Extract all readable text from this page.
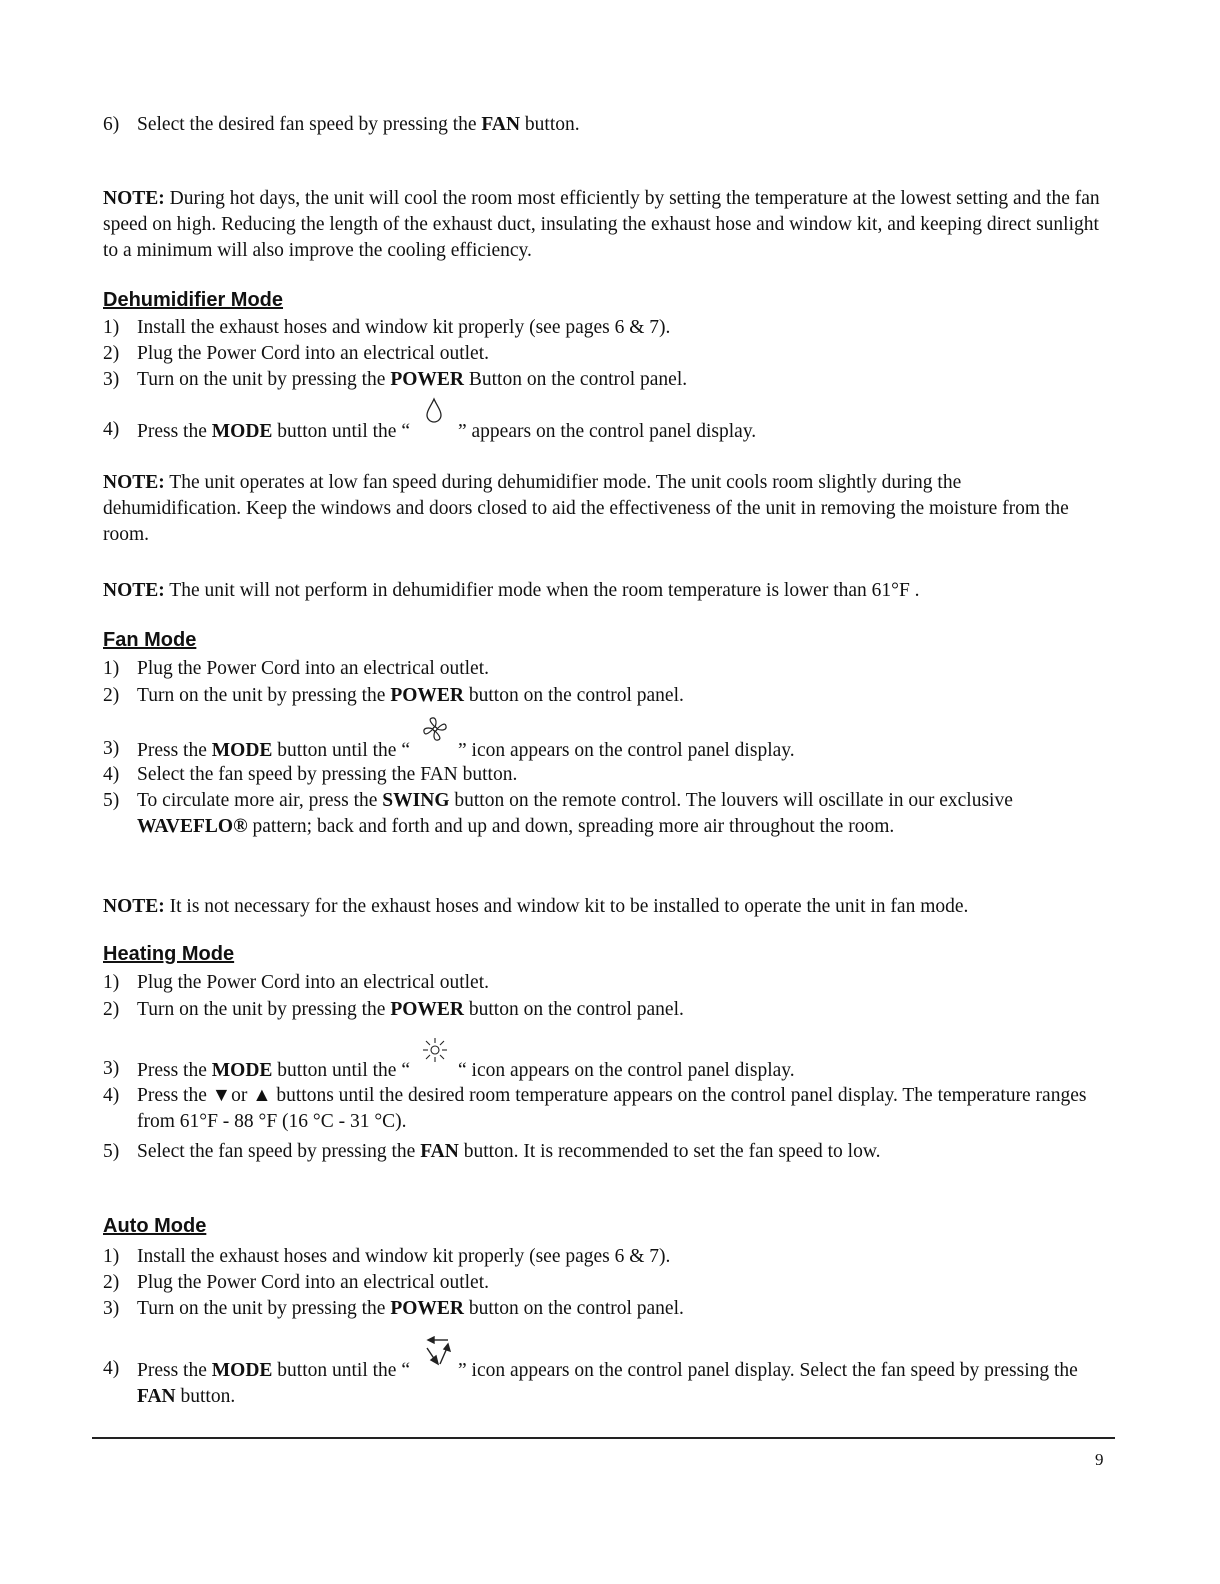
6) Select the desired fan speed by pressing the FAN button.
NOTE: During hot days, the unit will cool the room most efficiently by setting the temperature at the lowest setting and the fan speed on high. Reducing the length of the exhaust duct, insulating the exhaust hose and window kit, and keeping direct sunlight to a minimum will also improve the cooling efficiency.
Dehumidifier Mode
1) Install the exhaust hoses and window kit properly (see pages 6 & 7).
2) Plug the Power Cord into an electrical outlet.
3) Turn on the unit by pressing the POWER Button on the control panel.
4) Press the MODE button until the “ ” appears on the control panel display.
NOTE: The unit operates at low fan speed during dehumidifier mode. The unit cools room slightly during the dehumidification. Keep the windows and doors closed to aid the effectiveness of the unit in removing the moisture from the room.
NOTE: The unit will not perform in dehumidifier mode when the room temperature is lower than 61°F .
Fan Mode
1) Plug the Power Cord into an electrical outlet.
2) Turn on the unit by pressing the POWER button on the control panel.
3) Press the MODE button until the “ ” icon appears on the control panel display.
4) Select the fan speed by pressing the FAN button.
5) To circulate more air, press the SWING button on the remote control. The louvers will oscillate in our exclusive WAVEFLO® pattern; back and forth and up and down, spreading more air throughout the room.
NOTE: It is not necessary for the exhaust hoses and window kit to be installed to operate the unit in fan mode.
Heating Mode
1) Plug the Power Cord into an electrical outlet.
2) Turn on the unit by pressing the POWER button on the control panel.
3) Press the MODE button until the “ “ icon appears on the control panel display.
4) Press the ▼or ▲ buttons until the desired room temperature appears on the control panel display. The temperature ranges from 61°F - 88 °F (16 °C - 31 °C).
5) Select the fan speed by pressing the FAN button. It is recommended to set the fan speed to low.
Auto Mode
1) Install the exhaust hoses and window kit properly (see pages 6 & 7).
2) Plug the Power Cord into an electrical outlet.
3) Turn on the unit by pressing the POWER button on the control panel.
4) Press the MODE button until the “ ” icon appears on the control panel display. Select the fan speed by pressing the FAN button.
9
